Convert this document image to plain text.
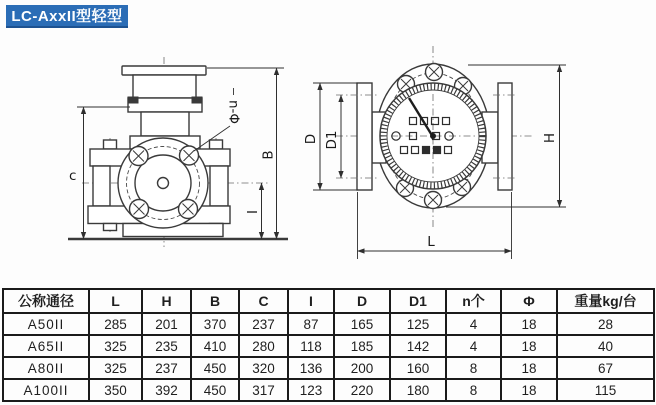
LC-AxxII型轻型
c
B
I
n-Φ
D D1	H
L
公称通径	L	H	B	C	I	D	D1	n个	Φ	重量kg/台
A50II	285	201	370	237	87	165	125	4	18	28
A65II	325	235	410	280	118	185	142	4	18	40
A80II	325	237	450	320	136	200	160	8	18	67
A100II	350	392	450	317	123	220	180	8	18	115
